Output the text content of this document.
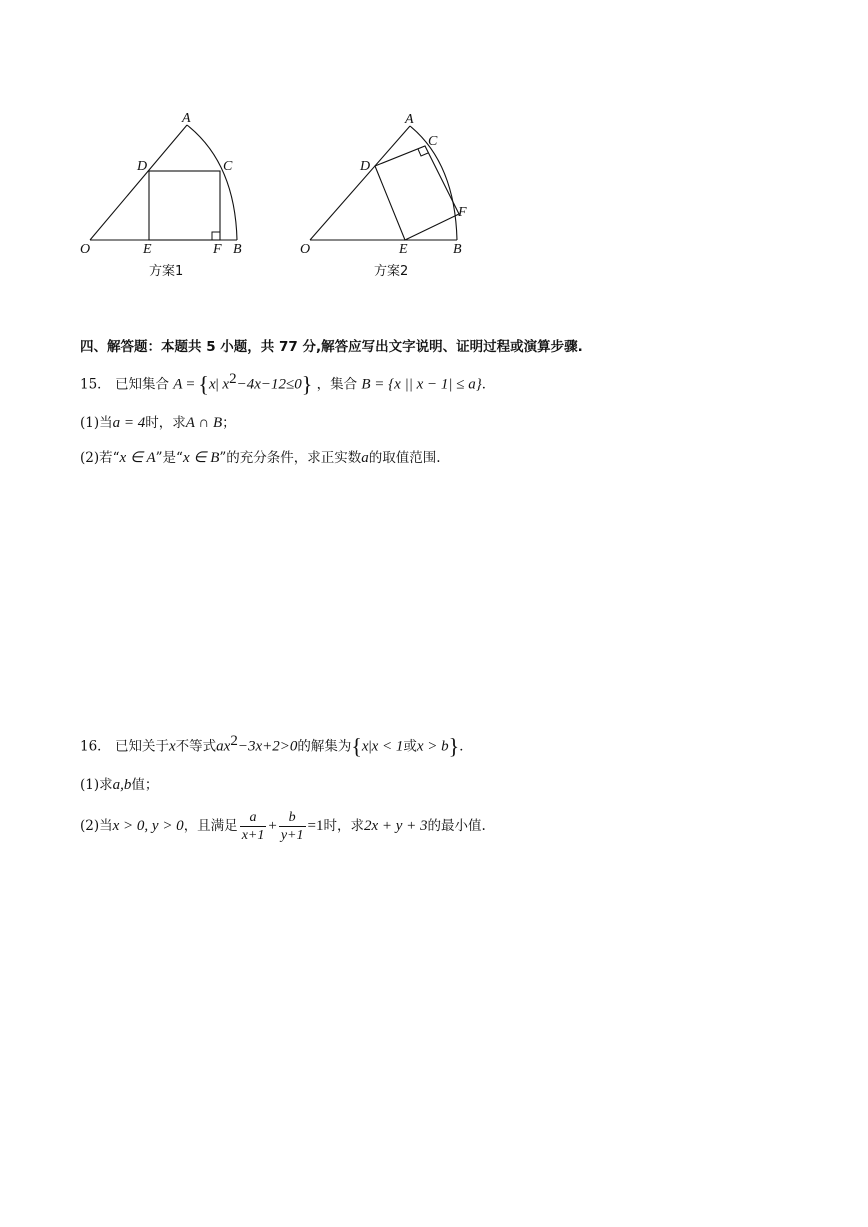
A
D	C
O	E	F B
方案1
A
C
D
F
O	E	B
方案2
四、解答题：本题共 5 小题，共 77 分,解答应写出文字说明、证明过程或演算步骤.
15． 已知集合 A = {x| $x^2-4x-12\le 0$} ，集合 B = {x || x − 1| ≤ a}．
(1)当a = 4时，求A ∩ B；
(2)若“x ∈ A”是“x ∈ B”的充分条件，求正实数a的取值范围.
16． 已知关于x不等式$ax^2-3x+2>0$的解集为{x|x < 1或x > b}．
(1)求a,b值；
(2)当x > 0, y > 0，且满足 $\frac{a}{x+1} + \frac{b}{y+1} =1$时，求2x + y + 3的最小值.
